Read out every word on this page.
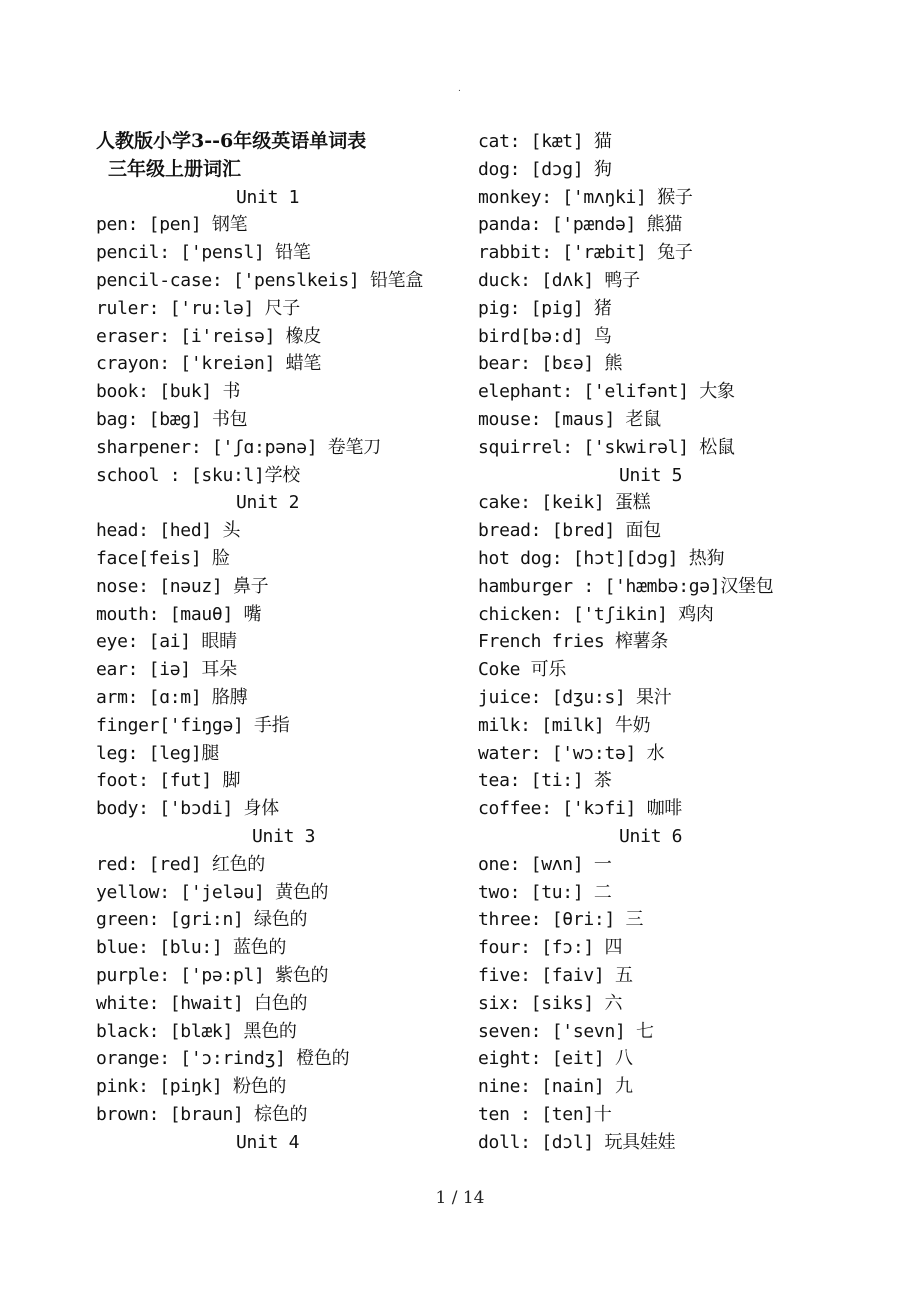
.
人教版小学3--6年级英语单词表
三年级上册词汇
Unit 1
pen: [pen] 钢笔
pencil: ['pensl] 铅笔
pencil-case: ['penslkeis] 铅笔盒
ruler: ['ru:lə] 尺子
eraser: [i'reisə] 橡皮
crayon: ['kreiən] 蜡笔
book: [buk] 书
bag: [bæg] 书包
sharpener: ['ʃɑ:pənə] 卷笔刀
school : [sku:l]学校
Unit 2
head: [hed] 头
face[feis] 脸
nose: [nəuz] 鼻子
mouth: [mauθ] 嘴
eye: [ai] 眼睛
ear: [iə] 耳朵
arm: [ɑ:m] 胳膊
finger['fiŋgə] 手指
leg: [leg]腿
foot: [fut] 脚
body: ['bɔdi] 身体
Unit 3
red: [red] 红色的
yellow: ['jeləu] 黄色的
green: [gri:n] 绿色的
blue: [blu:] 蓝色的
purple: ['pə:pl] 紫色的
white: [hwait] 白色的
black: [blæk] 黑色的
orange: ['ɔ:rindʒ] 橙色的
pink: [piŋk] 粉色的
brown: [braun] 棕色的
Unit 4
cat: [kæt] 猫
dog: [dɔg] 狗
monkey: ['mʌŋki] 猴子
panda: ['pændə] 熊猫
rabbit: ['ræbit] 兔子
duck: [dʌk] 鸭子
pig: [pig] 猪
bird[bə:d] 鸟
bear: [bεə] 熊
elephant: ['elifənt] 大象
mouse: [maus] 老鼠
squirrel: ['skwirəl] 松鼠
Unit 5
cake: [keik] 蛋糕
bread: [bred] 面包
hot dog: [hɔt][dɔg] 热狗
hamburger : ['hæmbə:gə]汉堡包
chicken: ['tʃikin] 鸡肉
French fries 榨薯条
Coke 可乐
juice: [dʒu:s] 果汁
milk: [milk] 牛奶
water: ['wɔ:tə] 水
tea: [ti:] 茶
coffee: ['kɔfi] 咖啡
Unit 6
one: [wʌn] 一
two: [tu:] 二
three: [θri:] 三
four: [fɔ:] 四
five: [faiv] 五
six: [siks] 六
seven: ['sevn] 七
eight: [eit] 八
nine: [nain] 九
ten : [ten]十
doll: [dɔl] 玩具娃娃
1 / 14
